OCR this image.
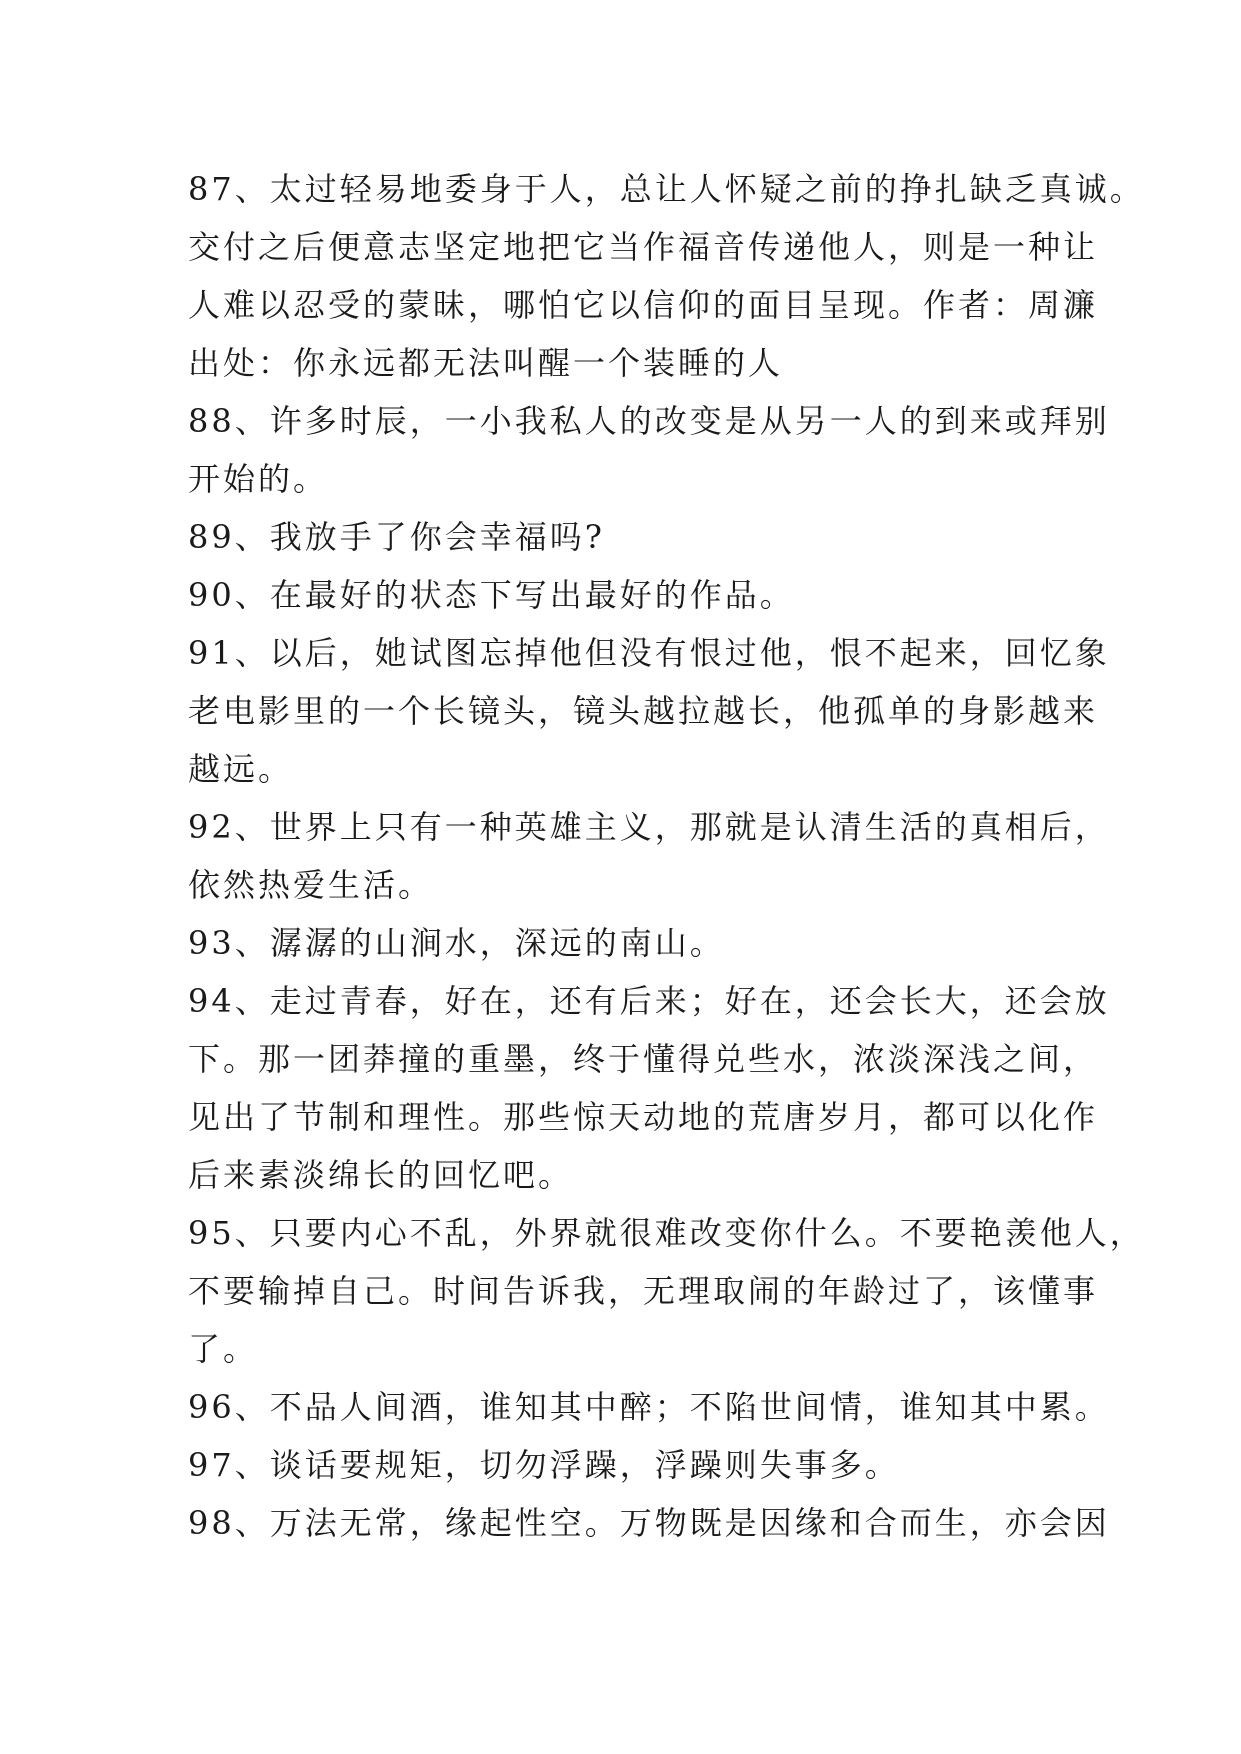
87、太过轻易地委身于人，总让人怀疑之前的挣扎缺乏真诚。
交付之后便意志坚定地把它当作福音传递他人，则是一种让
人难以忍受的蒙昧，哪怕它以信仰的面目呈现。作者：周濂
出处：你永远都无法叫醒一个装睡的人
88、许多时辰，一小我私人的改变是从另一人的到来或拜别
开始的。
89、我放手了你会幸福吗?
90、在最好的状态下写出最好的作品。
91、以后，她试图忘掉他但没有恨过他，恨不起来，回忆象
老电影里的一个长镜头，镜头越拉越长，他孤单的身影越来
越远。
92、世界上只有一种英雄主义，那就是认清生活的真相后，
依然热爱生活。
93、潺潺的山涧水，深远的南山。
94、走过青春，好在，还有后来；好在，还会长大，还会放
下。那一团莽撞的重墨，终于懂得兑些水，浓淡深浅之间，
见出了节制和理性。那些惊天动地的荒唐岁月，都可以化作
后来素淡绵长的回忆吧。
95、只要内心不乱，外界就很难改变你什么。不要艳羡他人，
不要输掉自己。时间告诉我，无理取闹的年龄过了，该懂事
了。
96、不品人间酒，谁知其中醉；不陷世间情，谁知其中累。
97、谈话要规矩，切勿浮躁，浮躁则失事多。
98、万法无常，缘起性空。万物既是因缘和合而生，亦会因
